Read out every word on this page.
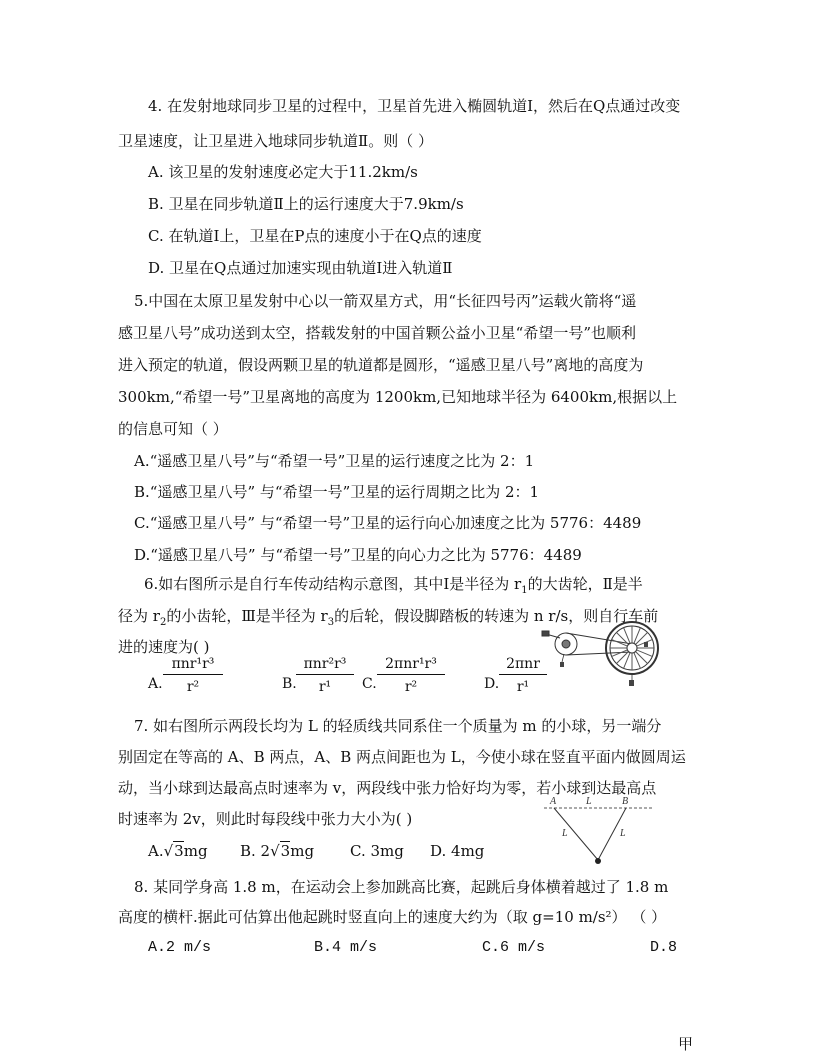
4. 在发射地球同步卫星的过程中，卫星首先进入椭圆轨道Ⅰ，然后在Q点通过改变
卫星速度，让卫星进入地球同步轨道Ⅱ。则（ ）
A. 该卫星的发射速度必定大于11.2km/s
B. 卫星在同步轨道Ⅱ上的运行速度大于7.9km/s
C. 在轨道Ⅰ上，卫星在P点的速度小于在Q点的速度
D. 卫星在Q点通过加速实现由轨道Ⅰ进入轨道Ⅱ
5.中国在太原卫星发射中心以一箭双星方式，用“长征四号丙”运载火箭将“遥
感卫星八号”成功送到太空，搭载发射的中国首颗公益小卫星“希望一号”也顺利
进入预定的轨道，假设两颗卫星的轨道都是圆形，“遥感卫星八号”离地的高度为
300km,“希望一号”卫星离地的高度为 1200km,已知地球半径为 6400km,根据以上
的信息可知（ ）
A.“遥感卫星八号”与“希望一号”卫星的运行速度之比为 2：1
B.“遥感卫星八号” 与“希望一号”卫星的运行周期之比为 2：1
C.“遥感卫星八号” 与“希望一号”卫星的运行向心加速度之比为 5776：4489
D.“遥感卫星八号” 与“希望一号”卫星的向心力之比为 5776：4489
6.如右图所示是自行车传动结构示意图，其中Ⅰ是半径为 $r_1$的大齿轮，Ⅱ是半
径为 $r_2$的小齿轮，Ⅲ是半径为 $r_3$的后轮，假设脚踏板的转速为 n r/s，则自行车前
进的速度为( )
A.
πnr¹r³
r²	B.
πnr²r³
r¹	C.
2πnr¹r³
r²	D.
2πnr
r¹
7. 如右图所示两段长均为 L 的轻质线共同系住一个质量为 m 的小球，另一端分
别固定在等高的 A、B 两点，A、B 两点间距也为 L，今使小球在竖直平面内做圆周运
动，当小球到达最高点时速率为 v，两段线中张力恰好均为零，若小球到达最高点
时速率为 2v，则此时每段线中张力大小为( )
A.√3mg B. 2√3mg C. 3mg D. 4mg
A	B
L
L	L
8. 某同学身高 1.8 m，在运动会上参加跳高比赛，起跳后身体横着越过了 1.8 m
高度的横杆.据此可估算出他起跳时竖直向上的速度大约为（取 g=10 m/s²） （ ）
A.2 m/s	B.4 m/s	C.6 m/s	D.8
甲
